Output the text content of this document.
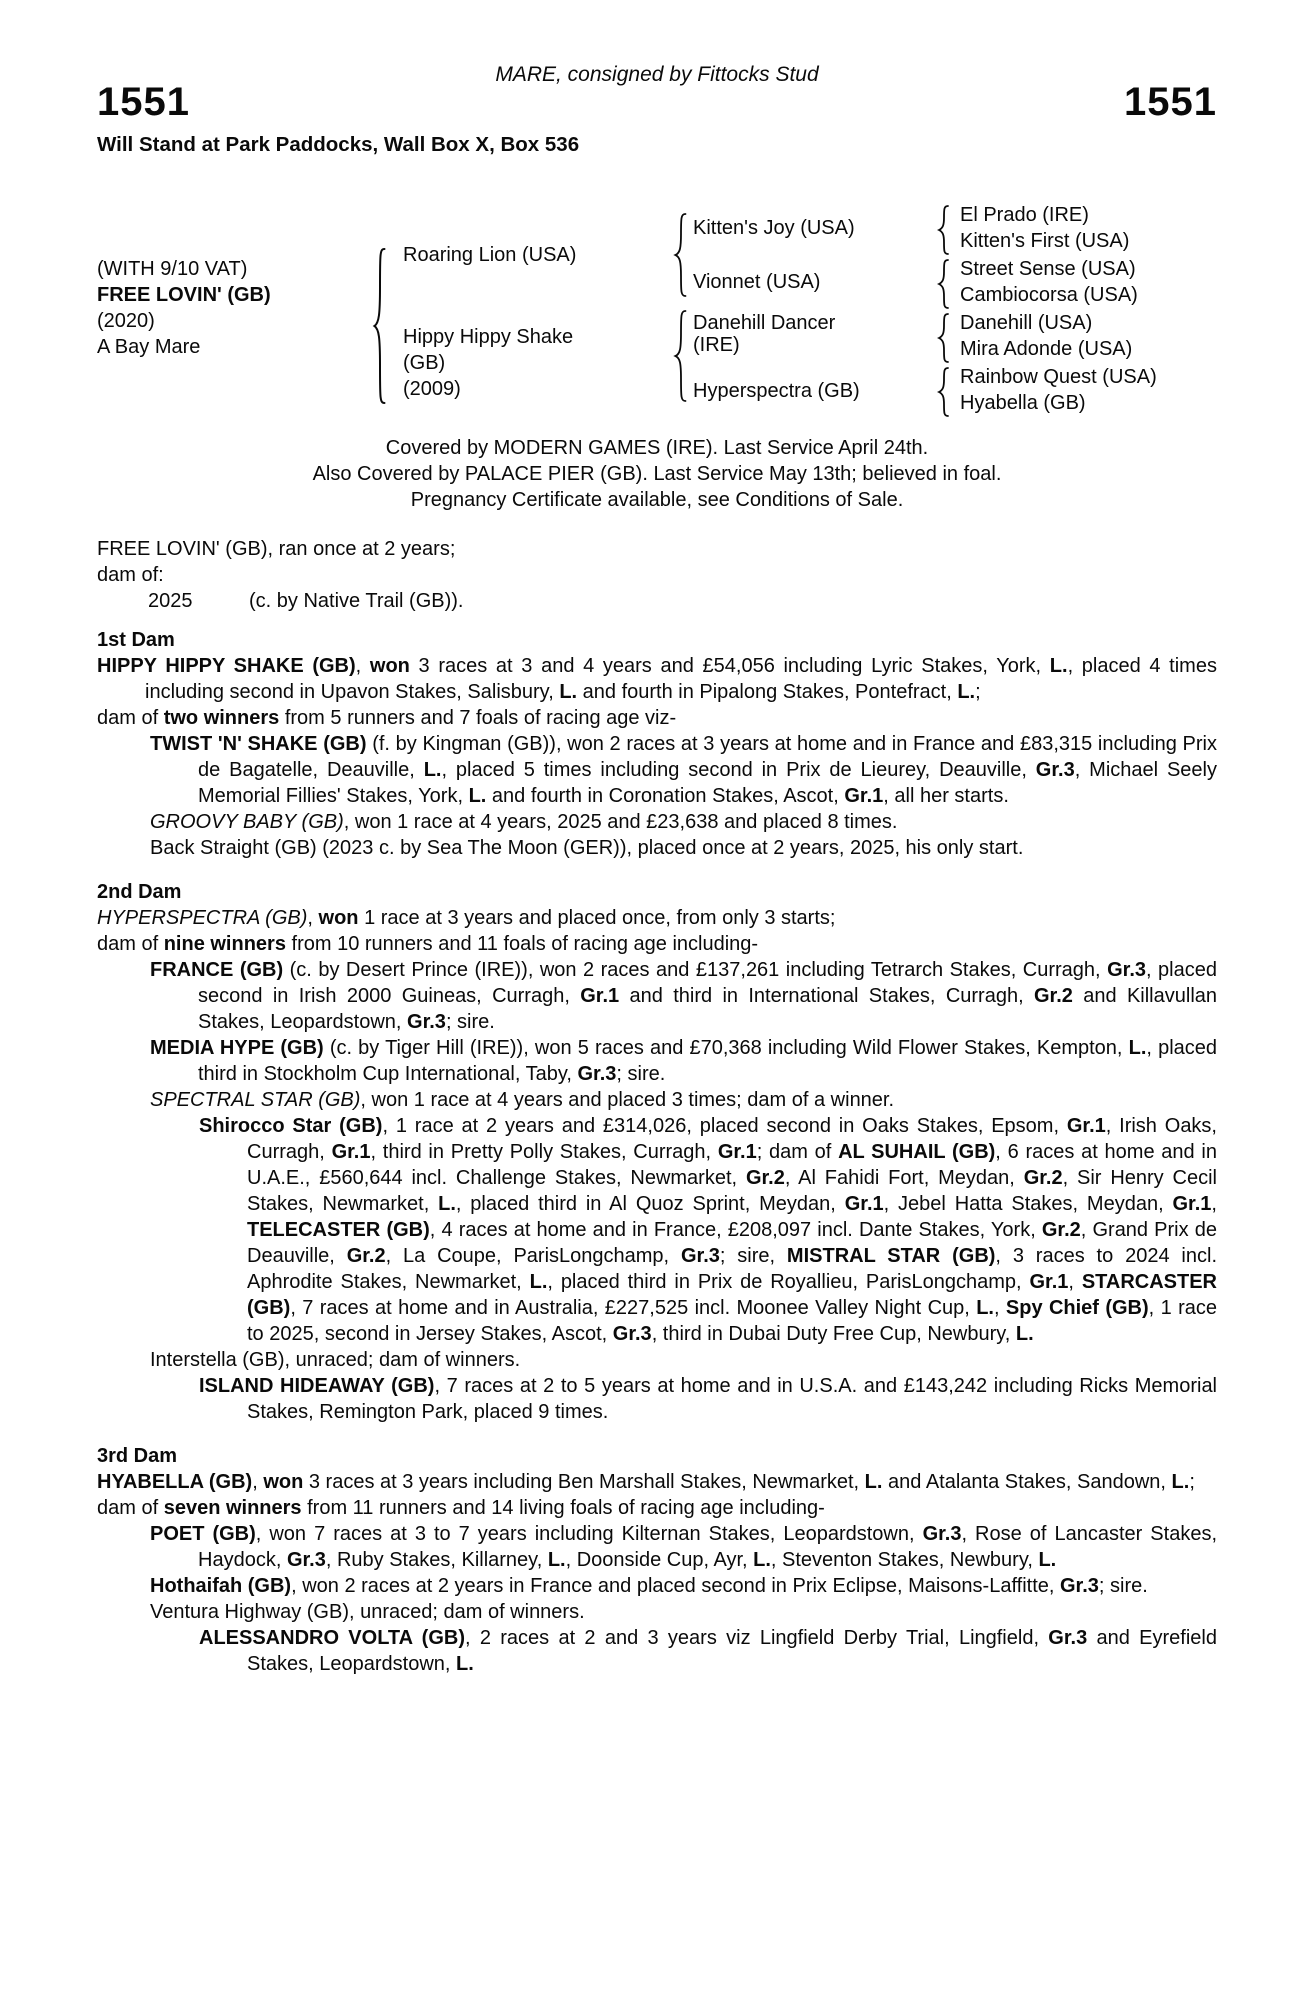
MARE, consigned by Fittocks Stud
1551	1551
Will Stand at Park Paddocks, Wall Box X, Box 536
(WITH 9/10 VAT)
FREE LOVIN' (GB)
(2020)
A Bay Mare
Roaring Lion (USA)
Hippy Hippy Shake
(GB)
(2009)
Kitten's Joy (USA)
Vionnet (USA)
Danehill Dancer
(IRE)
Hyperspectra (GB)
El Prado (IRE)
Kitten's First (USA)
Street Sense (USA)
Cambiocorsa (USA)
Danehill (USA)
Mira Adonde (USA)
Rainbow Quest (USA)
Hyabella (GB)
Covered by MODERN GAMES (IRE). Last Service April 24th.
Also Covered by PALACE PIER (GB). Last Service May 13th; believed in foal.
Pregnancy Certificate available, see Conditions of Sale.
FREE LOVIN' (GB), ran once at 2 years;
dam of:
2025	(c. by Native Trail (GB)).
1st Dam

HIPPY HIPPY SHAKE (GB), won 3 races at 3 and 4 years and £54,056 including Lyric Stakes, York, L., placed 4 times including second in Upavon Stakes, Salisbury, L. and fourth in Pipalong Stakes, Pontefract, L.;

dam of two winners from 5 runners and 7 foals of racing age viz-

TWIST 'N' SHAKE (GB) (f. by Kingman (GB)), won 2 races at 3 years at home and in France and £83,315 including Prix de Bagatelle, Deauville, L., placed 5 times including second in Prix de Lieurey, Deauville, Gr.3, Michael Seely Memorial Fillies' Stakes, York, L. and fourth in Coronation Stakes, Ascot, Gr.1, all her starts.

GROOVY BABY (GB), won 1 race at 4 years, 2025 and £23,638 and placed 8 times.

Back Straight (GB) (2023 c. by Sea The Moon (GER)), placed once at 2 years, 2025, his only start.

2nd Dam

HYPERSPECTRA (GB), won 1 race at 3 years and placed once, from only 3 starts;

dam of nine winners from 10 runners and 11 foals of racing age including-

FRANCE (GB) (c. by Desert Prince (IRE)), won 2 races and £137,261 including Tetrarch Stakes, Curragh, Gr.3, placed second in Irish 2000 Guineas, Curragh, Gr.1 and third in International Stakes, Curragh, Gr.2 and Killavullan Stakes, Leopardstown, Gr.3; sire.

MEDIA HYPE (GB) (c. by Tiger Hill (IRE)), won 5 races and £70,368 including Wild Flower Stakes, Kempton, L., placed third in Stockholm Cup International, Taby, Gr.3; sire.

SPECTRAL STAR (GB), won 1 race at 4 years and placed 3 times; dam of a winner.

Shirocco Star (GB), 1 race at 2 years and £314,026, placed second in Oaks Stakes, Epsom, Gr.1, Irish Oaks, Curragh, Gr.1, third in Pretty Polly Stakes, Curragh, Gr.1; dam of AL SUHAIL (GB), 6 races at home and in U.A.E., £560,644 incl. Challenge Stakes, Newmarket, Gr.2, Al Fahidi Fort, Meydan, Gr.2, Sir Henry Cecil Stakes, Newmarket, L., placed third in Al Quoz Sprint, Meydan, Gr.1, Jebel Hatta Stakes, Meydan, Gr.1, TELECASTER (GB), 4 races at home and in France, £208,097 incl. Dante Stakes, York, Gr.2, Grand Prix de Deauville, Gr.2, La Coupe, ParisLongchamp, Gr.3; sire, MISTRAL STAR (GB), 3 races to 2024 incl. Aphrodite Stakes, Newmarket, L., placed third in Prix de Royallieu, ParisLongchamp, Gr.1, STARCASTER (GB), 7 races at home and in Australia, £227,525 incl. Moonee Valley Night Cup, L., Spy Chief (GB), 1 race to 2025, second in Jersey Stakes, Ascot, Gr.3, third in Dubai Duty Free Cup, Newbury, L.

Interstella (GB), unraced; dam of winners.

ISLAND HIDEAWAY (GB), 7 races at 2 to 5 years at home and in U.S.A. and £143,242 including Ricks Memorial Stakes, Remington Park, placed 9 times.

3rd Dam

HYABELLA (GB), won 3 races at 3 years including Ben Marshall Stakes, Newmarket, L. and Atalanta Stakes, Sandown, L.;

dam of seven winners from 11 runners and 14 living foals of racing age including-

POET (GB), won 7 races at 3 to 7 years including Kilternan Stakes, Leopardstown, Gr.3, Rose of Lancaster Stakes, Haydock, Gr.3, Ruby Stakes, Killarney, L., Doonside Cup, Ayr, L., Steventon Stakes, Newbury, L.

Hothaifah (GB), won 2 races at 2 years in France and placed second in Prix Eclipse, Maisons-Laffitte, Gr.3; sire.

Ventura Highway (GB), unraced; dam of winners.

ALESSANDRO VOLTA (GB), 2 races at 2 and 3 years viz Lingfield Derby Trial, Lingfield, Gr.3 and Eyrefield Stakes, Leopardstown, L.
